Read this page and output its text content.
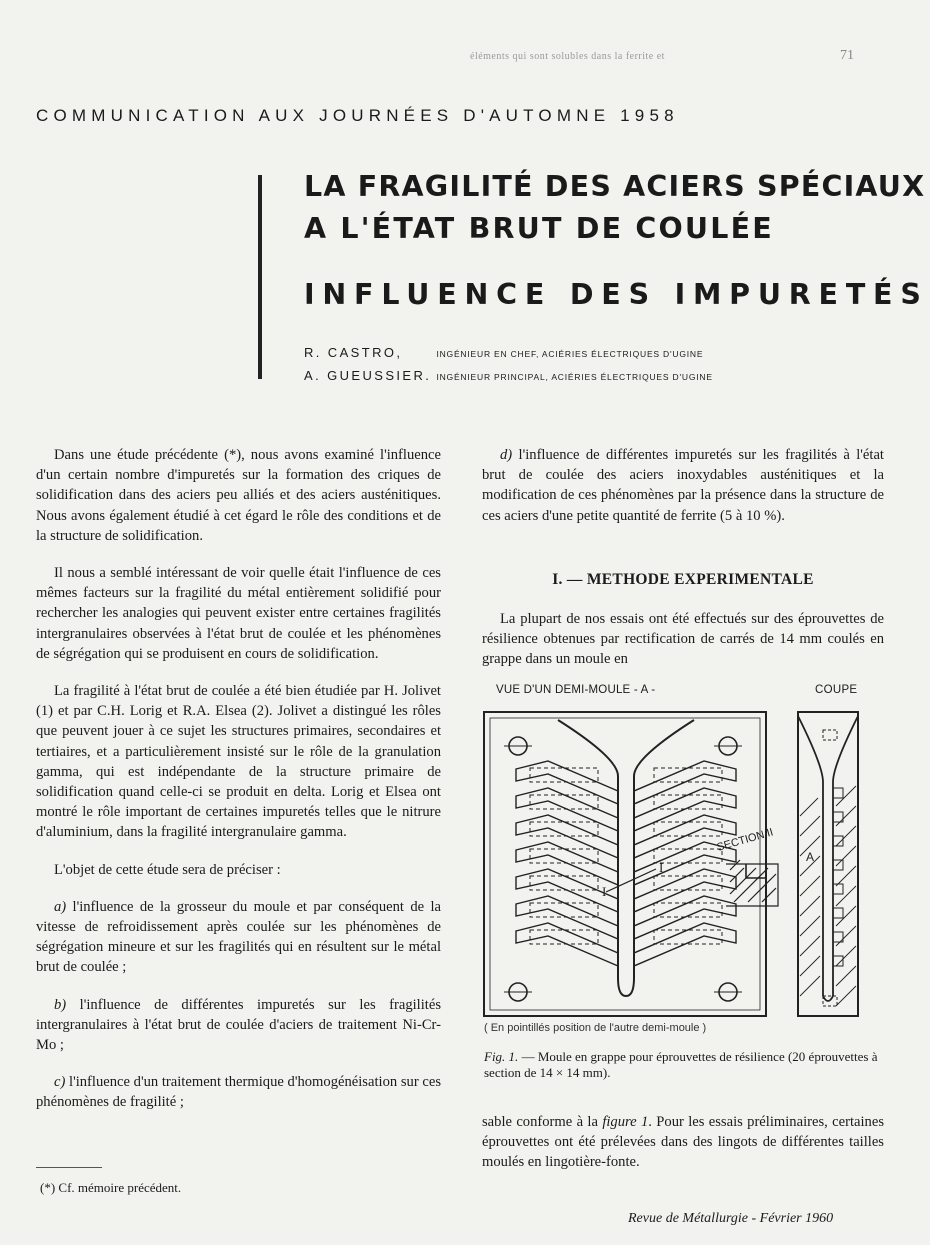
éléments qui sont solubles dans la ferrite et	71
COMMUNICATION AUX JOURNÉES D'AUTOMNE 1958
LA FRAGILITÉ DES ACIERS SPÉCIAUX
A L'ÉTAT BRUT DE COULÉE
INFLUENCE DES IMPURETÉS
R. CASTRO,	INGÉNIEUR EN CHEF, ACIÉRIES ÉLECTRIQUES D'UGINE
A. GUEUSSIER. INGÉNIEUR PRINCIPAL, ACIÉRIES ÉLECTRIQUES D'UGINE

Dans une étude précédente (*), nous avons examiné l'influence d'un certain nombre d'impuretés sur la formation des criques de solidification dans des aciers peu alliés et des aciers austénitiques. Nous avons également étudié à cet égard le rôle des conditions et de la structure de solidification.

Il nous a semblé intéressant de voir quelle était l'influence de ces mêmes facteurs sur la fragilité du métal entièrement solidifié pour rechercher les analogies qui peuvent exister entre certaines fragilités intergranulaires observées à l'état brut de coulée et les phénomènes de ségrégation qui se produisent en cours de solidification.

La fragilité à l'état brut de coulée a été bien étudiée par H. Jolivet (1) et par C.H. Lorig et R.A. Elsea (2). Jolivet a distingué les rôles que peuvent jouer à ce sujet les structures primaires, secondaires et tertiaires, et a particulièrement insisté sur le rôle de la granulation gamma, qui est indépendante de la structure primaire de solidification quand celle-ci se produit en delta. Lorig et Elsea ont montré le rôle important de certaines impuretés telles que le nitrure d'aluminium, dans la fragilité intergranulaire gamma.

L'objet de cette étude sera de préciser :

a) l'influence de la grosseur du moule et par conséquent de la vitesse de refroidissement après coulée sur les phénomènes de ségrégation mineure et sur les fragilités qui en résultent sur le métal brut de coulée ;

b) l'influence de différentes impuretés sur les fragilités intergranulaires à l'état brut de coulée d'aciers de traitement Ni-Cr-Mo ;

c) l'influence d'un traitement thermique d'homogénéisation sur ces phénomènes de fragilité ;

d) l'influence de différentes impuretés sur les fragilités à l'état brut de coulée des aciers inoxydables austénitiques et la modification de ces phénomènes par la présence dans la structure de ces aciers d'une petite quantité de ferrite (5 à 10 %).

I. — METHODE EXPERIMENTALE

La plupart de nos essais ont été effectués sur des éprouvettes de résilience obtenues par rectification de carrés de 14 mm coulés en grappe dans un moule en

VUE D'UN DEMI-MOULE - A -	COUPE
I
I
SECTION II
A
( En pointillés position de l'autre demi-moule )
Fig. 1. — Moule en grappe pour éprouvettes de résilience (20 éprouvettes à section de 14 × 14 mm).

sable conforme à la figure 1. Pour les essais préliminaires, certaines éprouvettes ont été prélevées dans des lingots de différentes tailles moulés en lingotière-fonte.

(*) Cf. mémoire précédent.
Revue de Métallurgie - Février 1960
